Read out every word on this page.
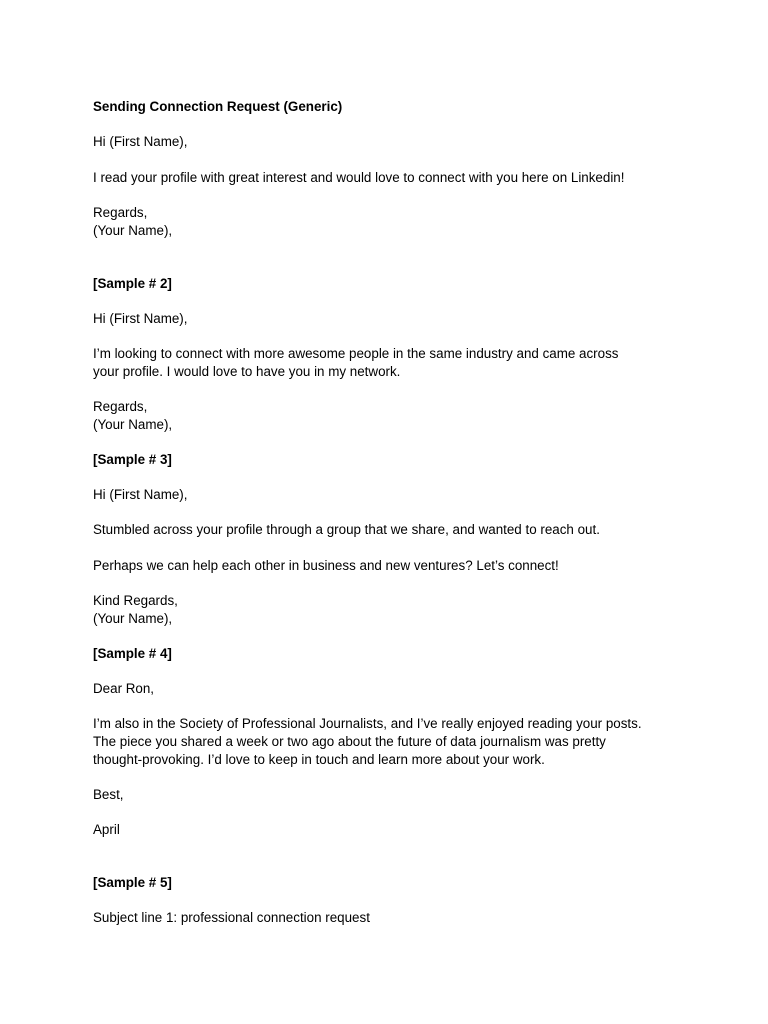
Sending Connection Request (Generic)

Hi (First Name),

I read your profile with great interest and would love to connect with you here on Linkedin!

Regards,

(Your Name),

[Sample # 2]

Hi (First Name),

I’m looking to connect with more awesome people in the same industry and came across

your profile. I would love to have you in my network.

Regards,

(Your Name),

[Sample # 3]

Hi (First Name),

Stumbled across your profile through a group that we share, and wanted to reach out.

Perhaps we can help each other in business and new ventures? Let’s connect!

Kind Regards,

(Your Name),

[Sample # 4]

Dear Ron,

I’m also in the Society of Professional Journalists, and I’ve really enjoyed reading your posts.

The piece you shared a week or two ago about the future of data journalism was pretty

thought-provoking. I’d love to keep in touch and learn more about your work.

Best,

April

[Sample # 5]

Subject line 1: professional connection request
